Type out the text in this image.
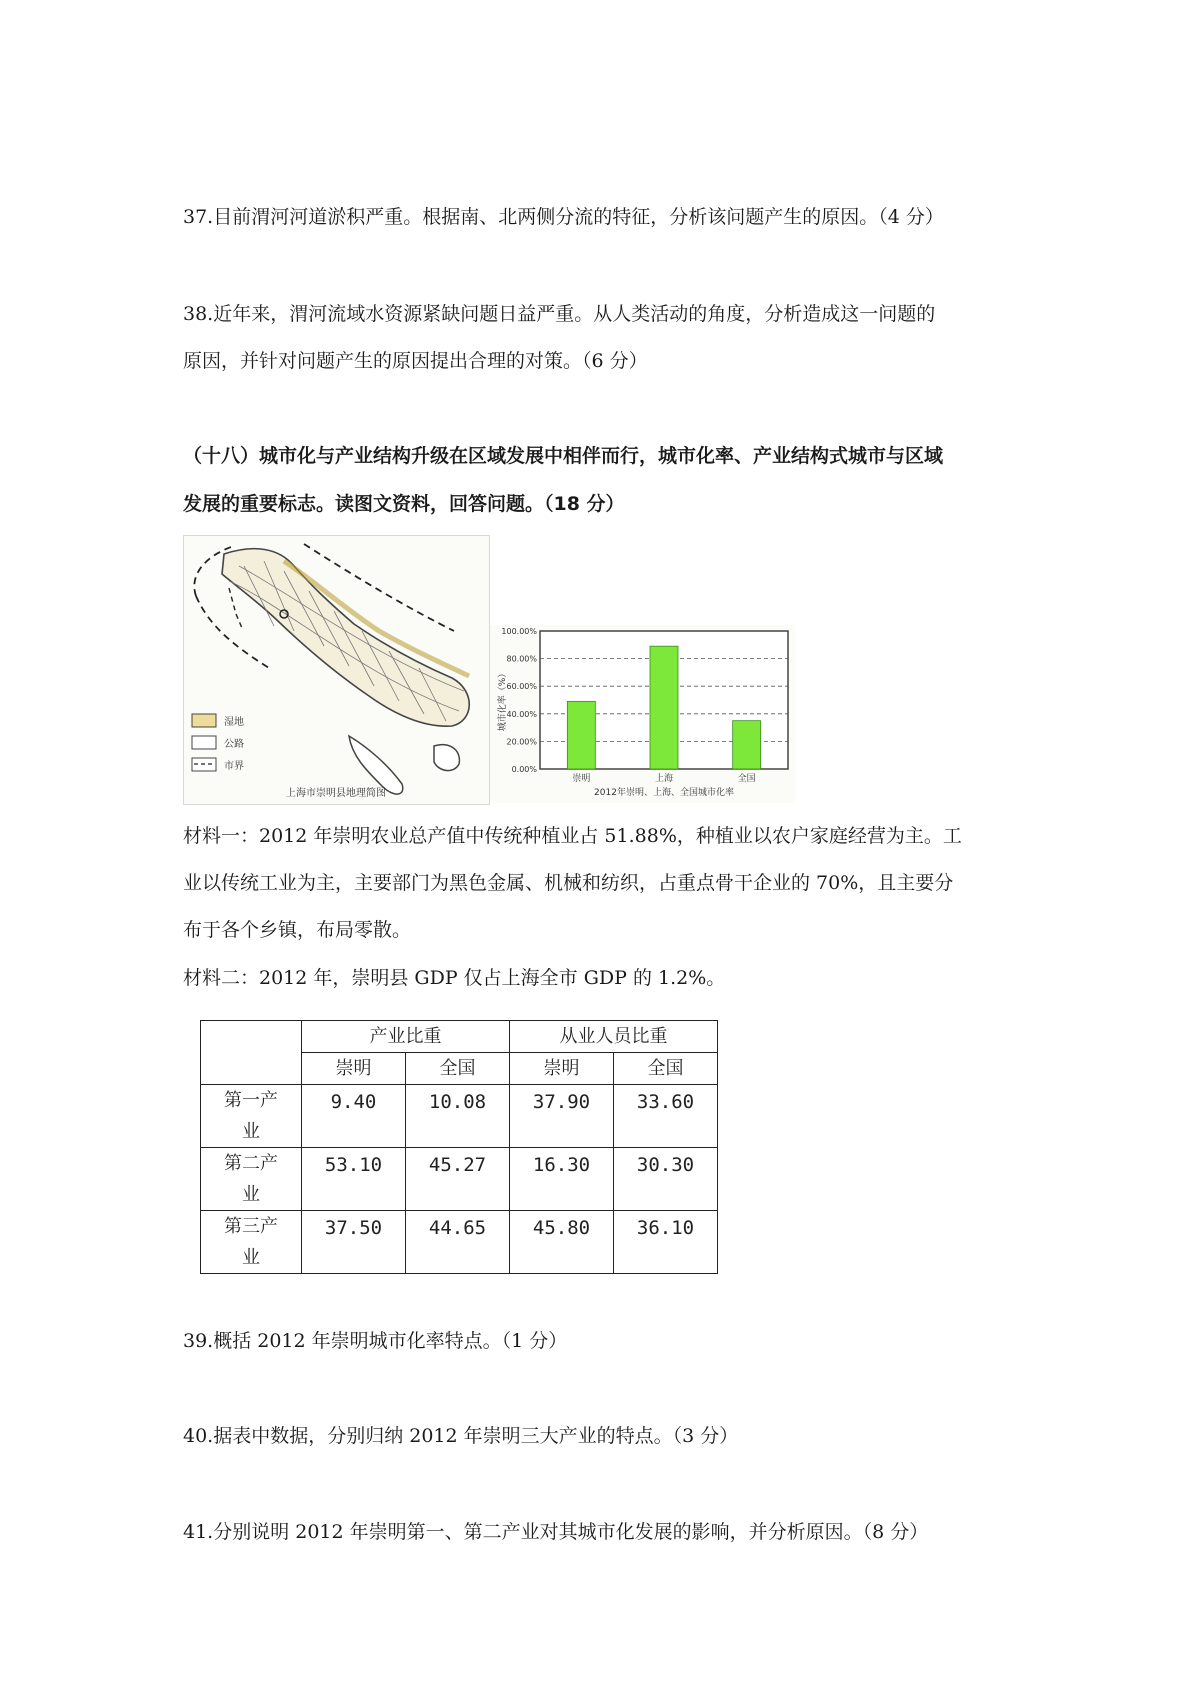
37.目前渭河河道淤积严重。根据南、北两侧分流的特征，分析该问题产生的原因。（4 分）
38.近年来，渭河流域水资源紧缺问题日益严重。从人类活动的角度，分析造成这一问题的
原因，并针对问题产生的原因提出合理的对策。（6 分）
（十八）城市化与产业结构升级在区域发展中相伴而行，城市化率、产业结构式城市与区域
发展的重要标志。读图文资料，回答问题。（18 分）
湿地
公路
市界
上海市崇明县地理简图
100.00%
80.00%
60.00%
40.00%
20.00%
0.00%
崇明	上海	全国
城市化率（%）
2012年崇明、上海、全国城市化率
材料一：2012 年崇明农业总产值中传统种植业占 51.88%，种植业以农户家庭经营为主。工
业以传统工业为主，主要部门为黑色金属、机械和纺织，占重点骨干企业的 70%，且主要分
布于各个乡镇，布局零散。
材料二：2012 年，崇明县 GDP 仅占上海全市 GDP 的 1.2%。
	产业比重		从业人员比重	
	崇明	全国	崇明	全国
第一产
业	9.40	10.08	37.90	33.60
第二产
业	53.10	45.27	16.30	30.30
第三产
业	37.50	44.65	45.80	36.10
39.概括 2012 年崇明城市化率特点。（1 分）
40.据表中数据，分别归纳 2012 年崇明三大产业的特点。（3 分）
41.分别说明 2012 年崇明第一、第二产业对其城市化发展的影响，并分析原因。（8 分）
